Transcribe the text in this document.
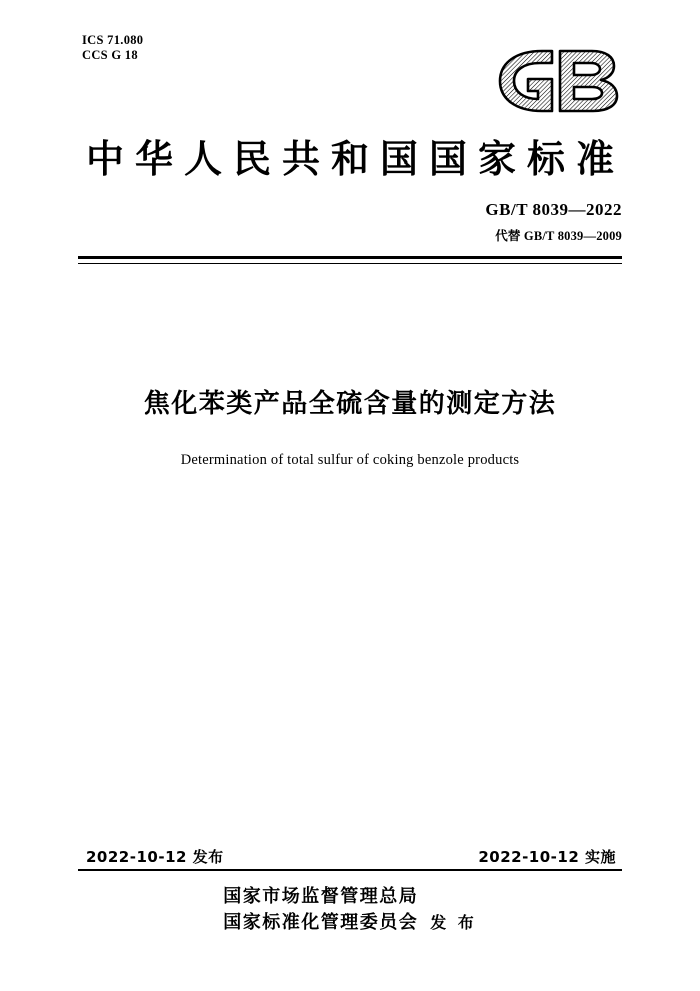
ICS 71.080
CCS G 18
中华人民共和国国家标准
GB/T 8039—2022
代替 GB/T 8039—2009
焦化苯类产品全硫含量的测定方法
Determination of total sulfur of coking benzole products
2022-10-12 发布	2022-10-12 实施
国家市场监督管理总局
国家标准化管理委员会 发 布
